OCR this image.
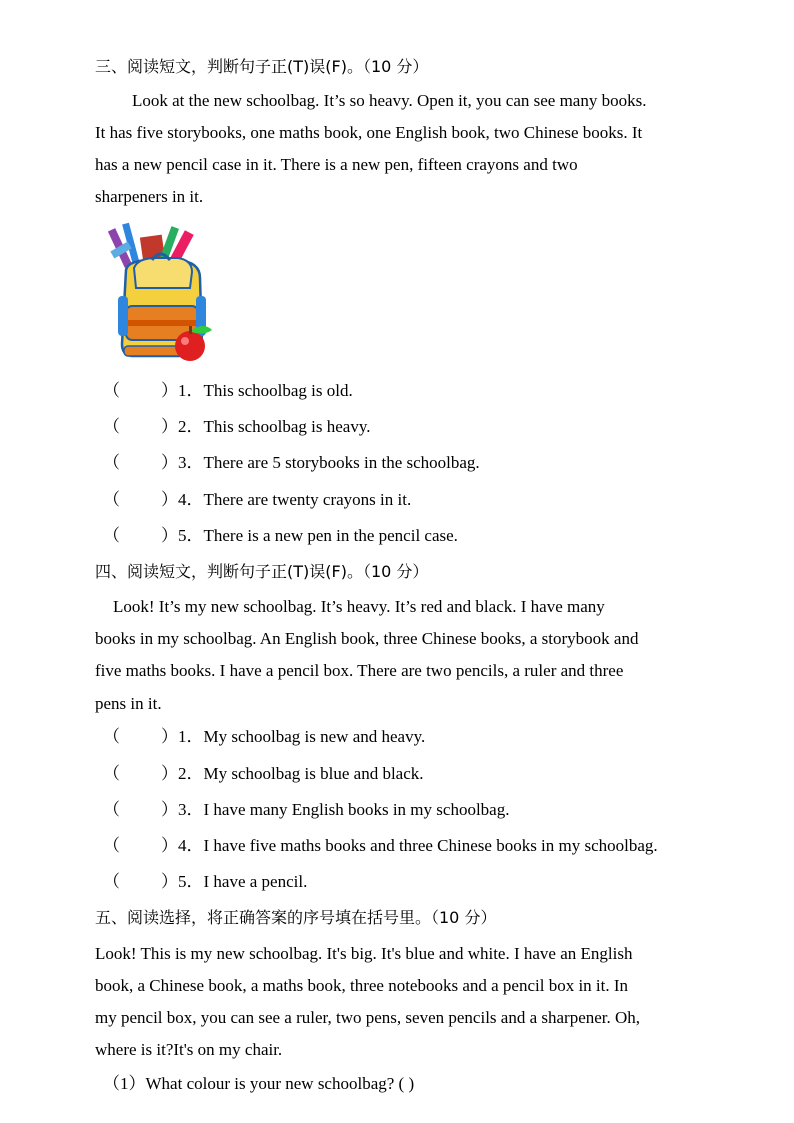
三、阅读短文，判断句子正(T)误(F)。（10 分）
Look at the new schoolbag. It’s so heavy. Open it, you can see many books.
It has five storybooks, one maths book, one English book, two Chinese books. It
has a new pencil case in it. There is a new pen, fifteen crayons and two
sharpeners in it.
（ ）1．This schoolbag is old.
（ ）2．This schoolbag is heavy.
（ ）3．There are 5 storybooks in the schoolbag.
（ ）4．There are twenty crayons in it.
（ ）5．There is a new pen in the pencil case.
四、阅读短文，判断句子正(T)误(F)。（10 分）
Look! It’s my new schoolbag. It’s heavy. It’s red and black. I have many
books in my schoolbag. An English book, three Chinese books, a storybook and
five maths books. I have a pencil box. There are two pencils, a ruler and three
pens in it.
（ ）1．My schoolbag is new and heavy.
（ ）2．My schoolbag is blue and black.
（ ）3．I have many English books in my schoolbag.
（ ）4．I have five maths books and three Chinese books in my schoolbag.
（ ）5．I have a pencil.
五、阅读选择，将正确答案的序号填在括号里。（10 分）
Look! This is my new schoolbag. It's big. It's blue and white. I have an English
book, a Chinese book, a maths book, three notebooks and a pencil box in it. In
my pencil box, you can see a ruler, two pens, seven pencils and a sharpener. Oh,
where is it?It's on my chair.
（1）What colour is your new schoolbag? ( )
